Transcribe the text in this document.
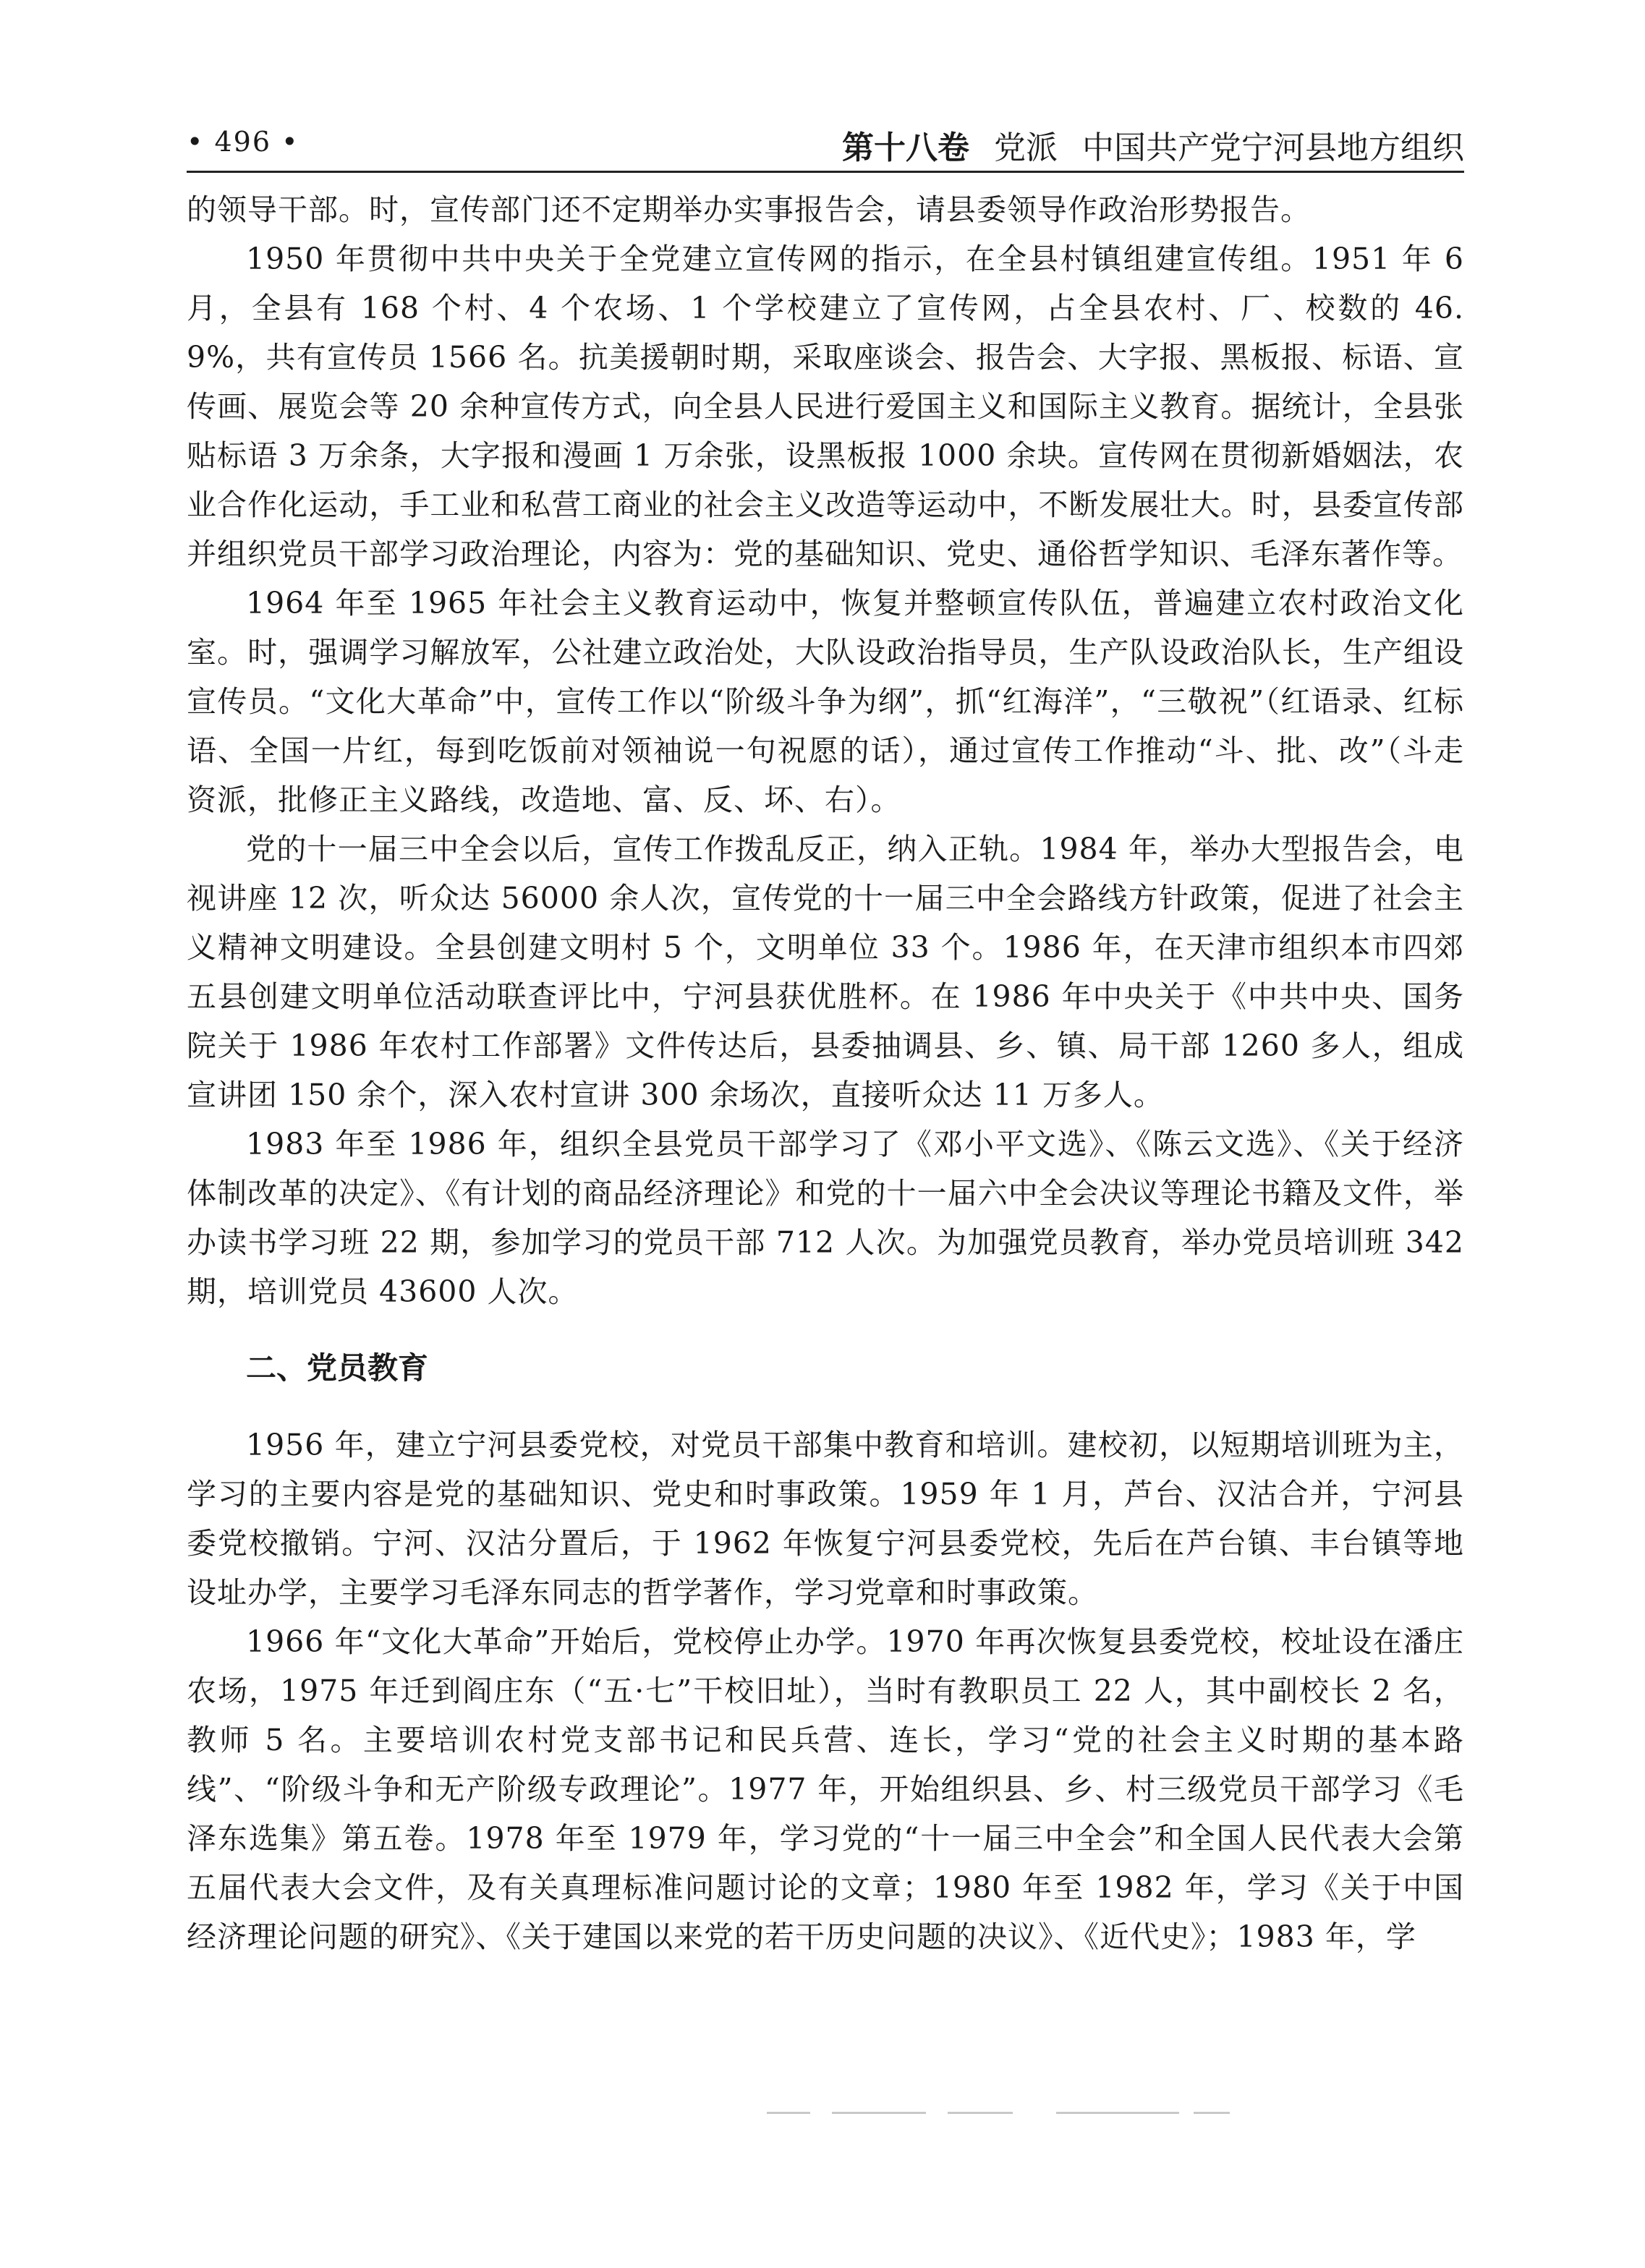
• 496 •	第十八卷 党派 中国共产党宁河县地方组织

的领导干部。时，宣传部门还不定期举办实事报告会，请县委领导作政治形势报告。

1950 年贯彻中共中央关于全党建立宣传网的指示，在全县村镇组建宣传组。1951 年 6 月，全县有 168 个村、4 个农场、1 个学校建立了宣传网，占全县农村、厂、校数的 46. 9%，共有宣传员 1566 名。抗美援朝时期，采取座谈会、报告会、大字报、黑板报、标语、宣传画、展览会等 20 余种宣传方式，向全县人民进行爱国主义和国际主义教育。据统计，全县张贴标语 3 万余条，大字报和漫画 1 万余张，设黑板报 1000 余块。宣传网在贯彻新婚姻法，农业合作化运动，手工业和私营工商业的社会主义改造等运动中，不断发展壮大。时，县委宣传部并组织党员干部学习政治理论，内容为：党的基础知识、党史、通俗哲学知识、毛泽东著作等。

1964 年至 1965 年社会主义教育运动中，恢复并整顿宣传队伍，普遍建立农村政治文化室。时，强调学习解放军，公社建立政治处，大队设政治指导员，生产队设政治队长，生产组设宣传员。“文化大革命”中，宣传工作以“阶级斗争为纲”，抓“红海洋”，“三敬祝”（红语录、红标语、全国一片红，每到吃饭前对领袖说一句祝愿的话），通过宣传工作推动“斗、批、改”（斗走资派，批修正主义路线，改造地、富、反、坏、右）。

党的十一届三中全会以后，宣传工作拨乱反正，纳入正轨。1984 年，举办大型报告会，电视讲座 12 次，听众达 56000 余人次，宣传党的十一届三中全会路线方针政策，促进了社会主义精神文明建设。全县创建文明村 5 个，文明单位 33 个。1986 年，在天津市组织本市四郊五县创建文明单位活动联查评比中，宁河县获优胜杯。在 1986 年中央关于《中共中央、国务院关于 1986 年农村工作部署》文件传达后，县委抽调县、乡、镇、局干部 1260 多人，组成宣讲团 150 余个，深入农村宣讲 300 余场次，直接听众达 11 万多人。

1983 年至 1986 年，组织全县党员干部学习了《邓小平文选》、《陈云文选》、《关于经济体制改革的决定》、《有计划的商品经济理论》和党的十一届六中全会决议等理论书籍及文件，举办读书学习班 22 期，参加学习的党员干部 712 人次。为加强党员教育，举办党员培训班 342 期，培训党员 43600 人次。

二、党员教育

1956 年，建立宁河县委党校，对党员干部集中教育和培训。建校初，以短期培训班为主，学习的主要内容是党的基础知识、党史和时事政策。1959 年 1 月，芦台、汉沽合并，宁河县委党校撤销。宁河、汉沽分置后，于 1962 年恢复宁河县委党校，先后在芦台镇、丰台镇等地设址办学，主要学习毛泽东同志的哲学著作，学习党章和时事政策。

1966 年“文化大革命”开始后，党校停止办学。1970 年再次恢复县委党校，校址设在潘庄农场，1975 年迁到阎庄东（“五·七”干校旧址），当时有教职员工 22 人，其中副校长 2 名，教师 5 名。主要培训农村党支部书记和民兵营、连长，学习“党的社会主义时期的基本路线”、“阶级斗争和无产阶级专政理论”。1977 年，开始组织县、乡、村三级党员干部学习《毛泽东选集》第五卷。1978 年至 1979 年，学习党的“十一届三中全会”和全国人民代表大会第五届代表大会文件，及有关真理标准问题讨论的文章；1980 年至 1982 年，学习《关于中国经济理论问题的研究》、《关于建国以来党的若干历史问题的决议》、《近代史》；1983 年，学
